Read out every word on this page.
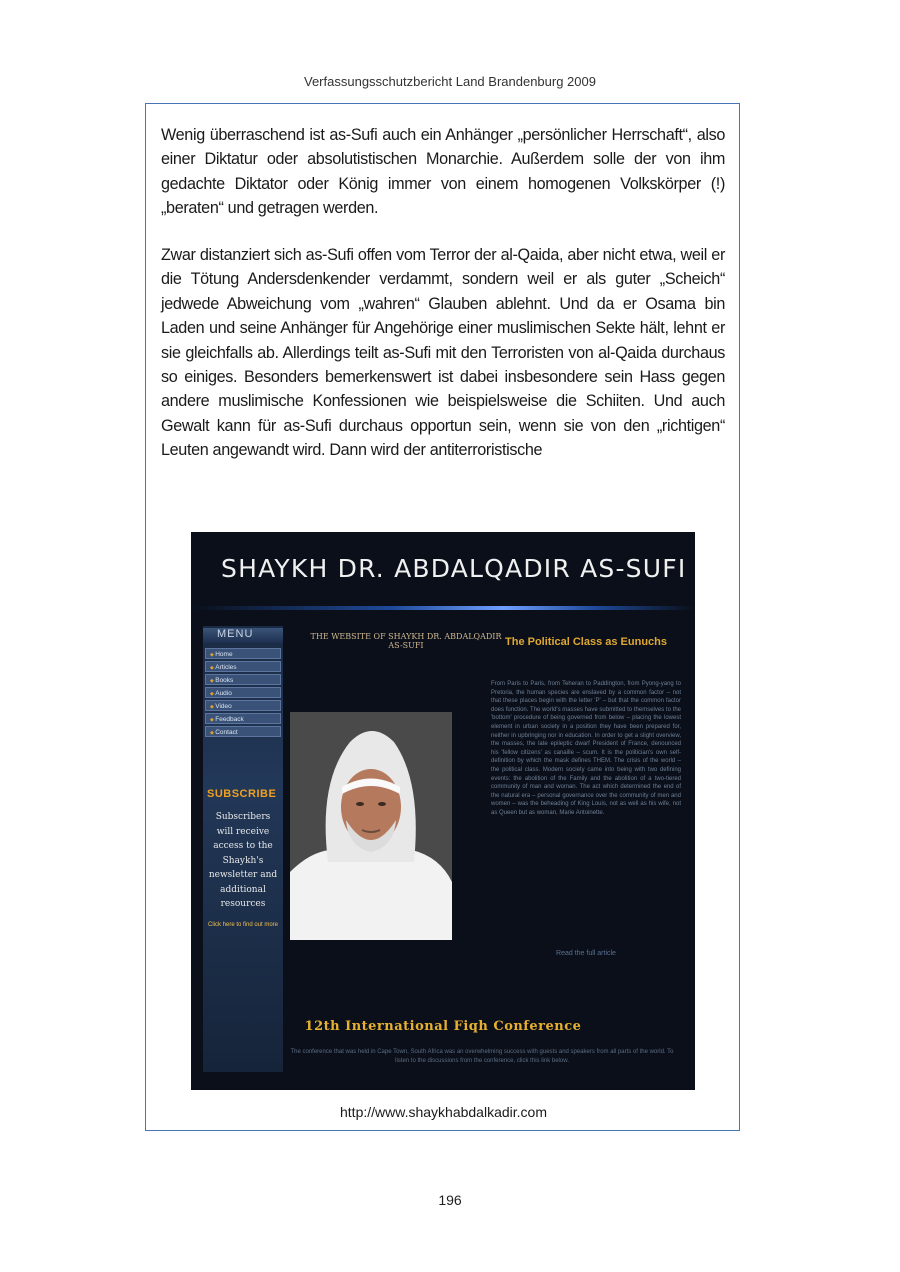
Verfassungsschutzbericht Land Brandenburg 2009

Wenig überraschend ist as-Sufi auch ein Anhänger „persönlicher Herrschaft“, also einer Diktatur oder absolutistischen Monarchie. Außerdem solle der von ihm gedachte Diktator oder König immer von einem homogenen Volkskörper (!) „beraten“ und getragen werden.

Zwar distanziert sich as-Sufi offen vom Terror der al-Qaida, aber nicht etwa, weil er die Tötung Andersdenkender verdammt, sondern weil er als guter „Scheich“ jedwede Abweichung vom „wahren“ Glauben ablehnt. Und da er Osama bin Laden und seine Anhänger für Angehörige einer muslimischen Sekte hält, lehnt er sie gleichfalls ab. Allerdings teilt as-Sufi mit den Terroristen von al-Qaida durchaus so einiges. Besonders bemerkenswert ist dabei insbesondere sein Hass gegen andere muslimische Konfessionen wie beispielsweise die Schiiten. Und auch Gewalt kann für as-Sufi durchaus opportun sein, wenn sie von den „richtigen“ Leuten angewandt wird. Dann wird der antiterroristische

SHAYKH DR. ABDALQADIR AS-SUFI
MENU
◆ Home
◆ Articles
◆ Books
◆ Audio
◆ Video
◆ Feedback
◆ Contact
SUBSCRIBE
Subscribers will receive access to the Shaykh's newsletter and additional resources
Click here to find out more
THE WEBSITE OF SHAYKH DR. ABDALQADIR AS-SUFI	The Political Class as Eunuchs

From Paris to Paris, from Teheran to Paddington, from Pyong-yang to Pretoria, the human species are enslaved by a common factor – not that these places begin with the letter 'P' – but that the common factor does function. The world's masses have submitted to themselves to the 'bottom' procedure of being governed from below – placing the lowest element in urban society in a position they have been prepared for, neither in upbringing nor in education. In order to get a slight overview, the masses, the late epileptic dwarf President of France, denounced his 'fellow citizens' as canaille – scum. It is the politician's own self-definition by which the mask defines THEM. The crisis of the world – the political class. Modern society came into being with two defining events: the abolition of the Family and the abolition of a two-tiered community of man and woman. The act which determined the end of the natural era – personal governance over the community of men and women – was the beheading of King Louis, not as well as his wife, not as Queen but as woman, Marie Antoinette.

Read the full article
12th International Fiqh Conference

The conference that was held in Cape Town, South Africa was an overwhelming success with guests and speakers from all parts of the world. To listen to the discussions from the conference, click this link below.

http://www.shaykhabdalkadir.com
196
